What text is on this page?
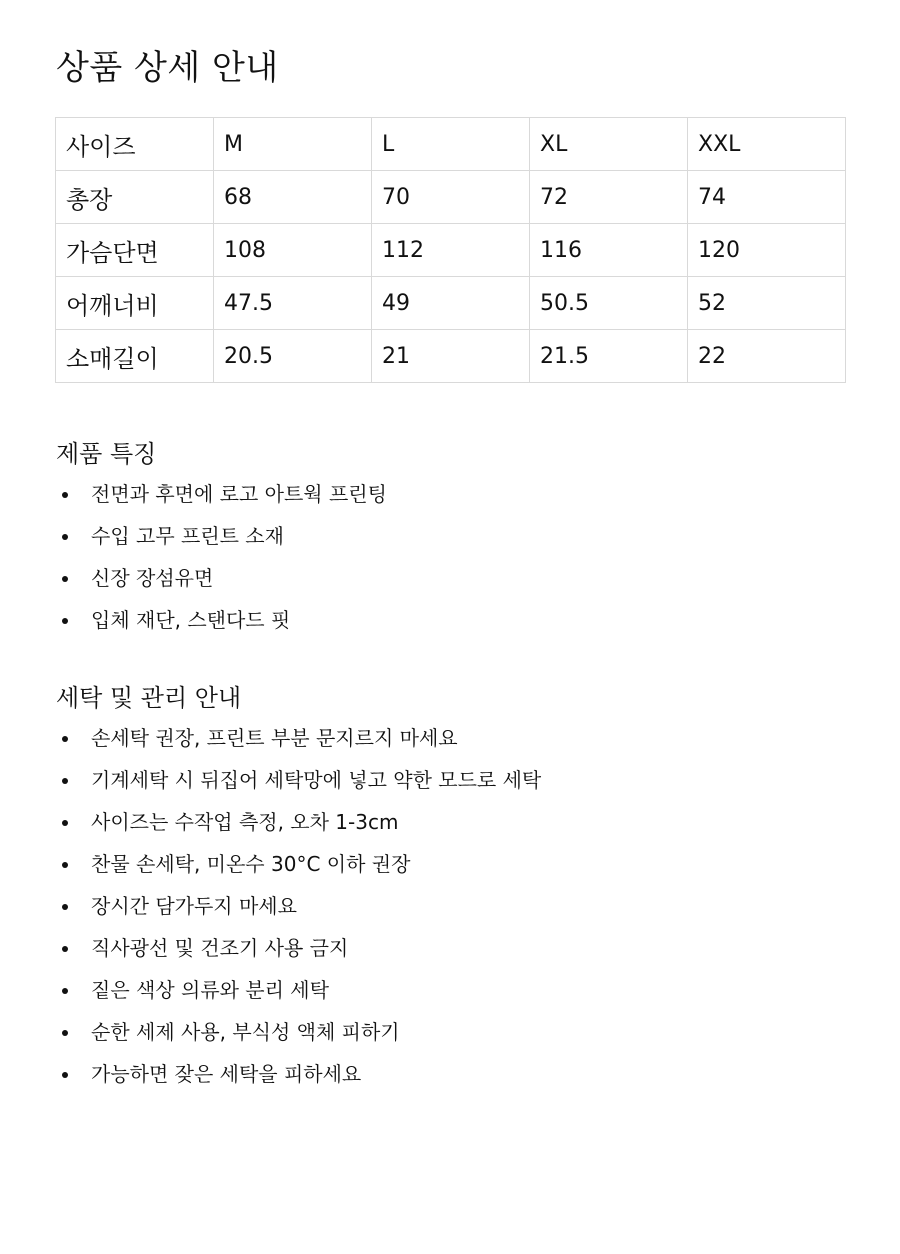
상품 상세 안내
사이즈	M	L	XL	XXL
총장	68	70	72	74
가슴단면	108	112	116	120
어깨너비	47.5	49	50.5	52
소매길이	20.5	21	21.5	22
제품 특징
전면과 후면에 로고 아트웍 프린팅
수입 고무 프린트 소재
신장 장섬유면
입체 재단, 스탠다드 핏
세탁 및 관리 안내
손세탁 권장, 프린트 부분 문지르지 마세요
기계세탁 시 뒤집어 세탁망에 넣고 약한 모드로 세탁
사이즈는 수작업 측정, 오차 1-3cm
찬물 손세탁, 미온수 30°C 이하 권장
장시간 담가두지 마세요
직사광선 및 건조기 사용 금지
짙은 색상 의류와 분리 세탁
순한 세제 사용, 부식성 액체 피하기
가능하면 잦은 세탁을 피하세요
